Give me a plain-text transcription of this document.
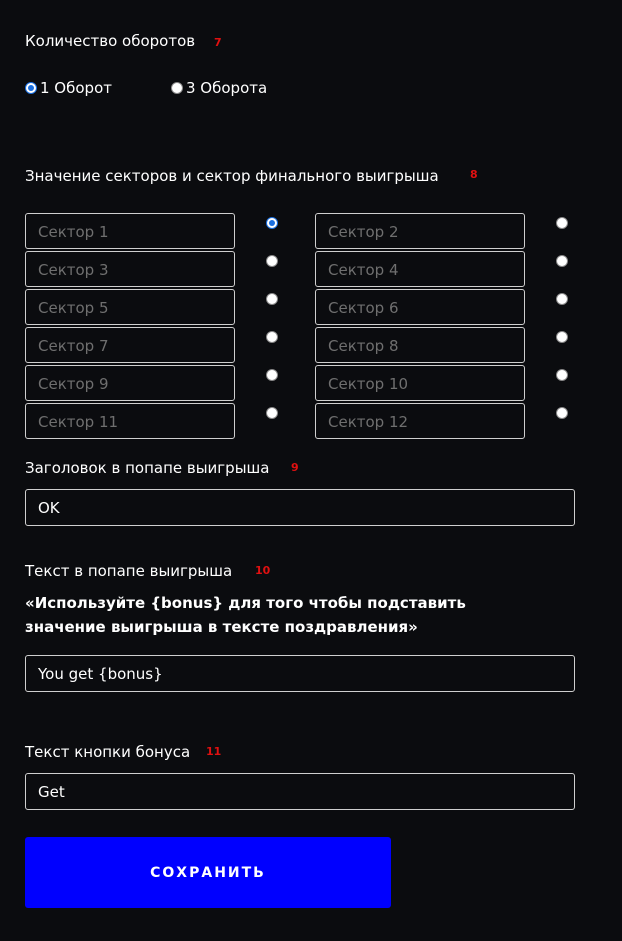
Количество оборотов 7
1 Оборот	3 Оборота
Значение секторов и сектор финального выигрыша	8
Сектор 1	Сектор 2
Сектор 3	Сектор 4
Сектор 5	Сектор 6
Сектор 7	Сектор 8
Сектор 9	Сектор 10
Сектор 11	Сектор 12
Заголовок в попапе выигрыша 9
OK
Текст в попапе выигрыша 10
«Используйте {bonus} для того чтобы подставить значение выигрыша в тексте поздравления»
You get {bonus}
Текст кнопки бонуса 11
Get
СОХРАНИТЬ
